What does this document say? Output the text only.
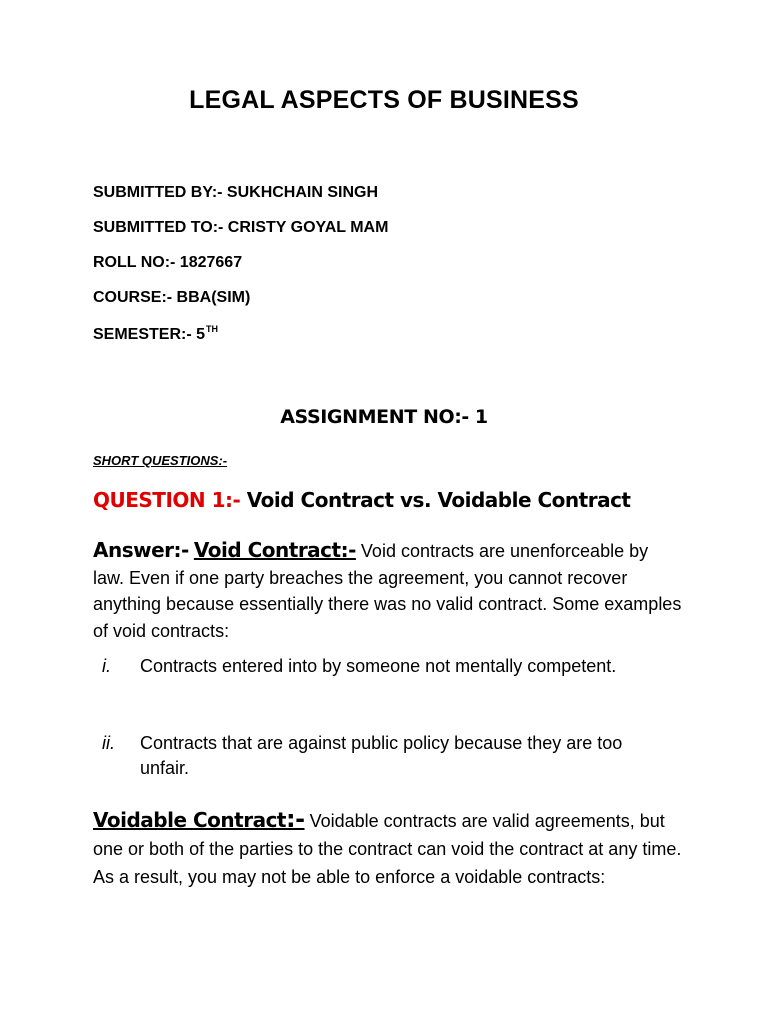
LEGAL ASPECTS OF BUSINESS
SUBMITTED BY:- SUKHCHAIN SINGH
SUBMITTED TO:- CRISTY GOYAL MAM
ROLL NO:- 1827667
COURSE:- BBA(SIM)
SEMESTER:- 5TH
ASSIGNMENT NO:- 1
SHORT QUESTIONS:-
QUESTION 1:- Void Contract vs. Voidable Contract
Answer:- Void Contract:- Void contracts are unenforceable by law. Even if one party breaches the agreement, you cannot recover anything because essentially there was no valid contract. Some examples of void contracts:
i. Contracts entered into by someone not mentally competent.
ii. Contracts that are against public policy because they are too unfair.
Voidable Contract:- Voidable contracts are valid agreements, but one or both of the parties to the contract can void the contract at any time. As a result, you may not be able to enforce a voidable contracts:
